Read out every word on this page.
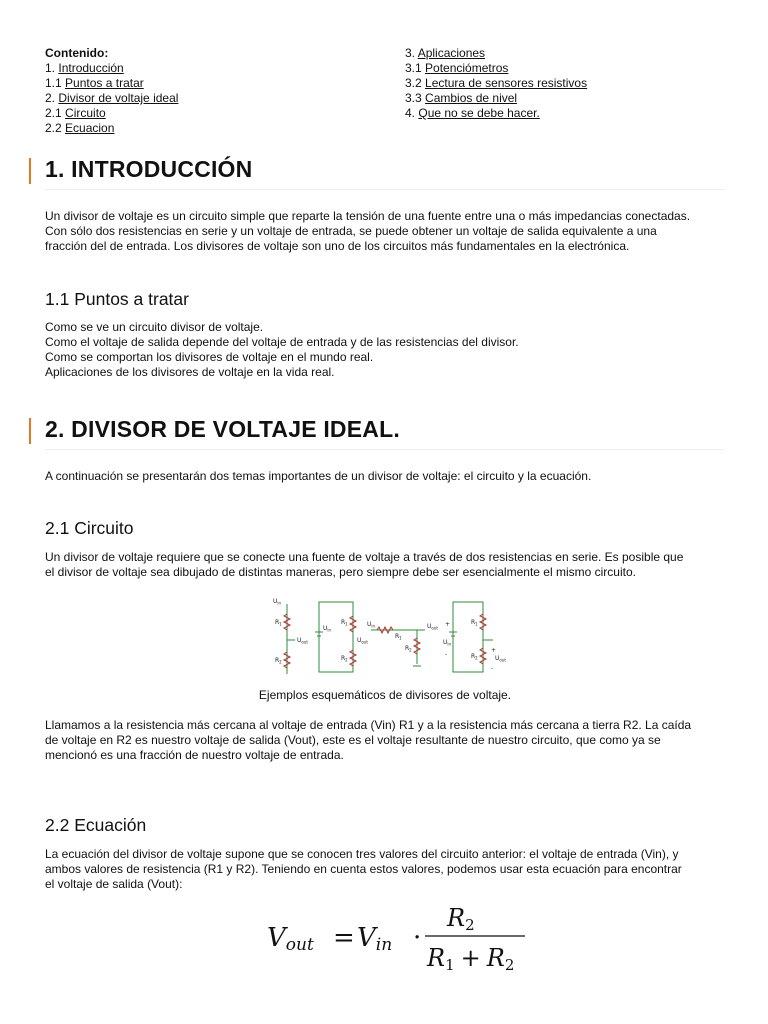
Contenido:
1. Introducción
1.1 Puntos a tratar
2. Divisor de voltaje ideal
2.1 Circuito
2.2 Ecuacion
3. Aplicaciones
3.1 Potenciómetros
3.2 Lectura de sensores resistivos
3.3 Cambios de nivel
4. Que no se debe hacer.
1. INTRODUCCIÓN
Un divisor de voltaje es un circuito simple que reparte la tensión de una fuente entre una o más impedancias conectadas.
Con sólo dos resistencias en serie y un voltaje de entrada, se puede obtener un voltaje de salida equivalente a una
fracción del de entrada. Los divisores de voltaje son uno de los circuitos más fundamentales en la electrónica.
1.1 Puntos a tratar
Como se ve un circuito divisor de voltaje.
Como el voltaje de salida depende del voltaje de entrada y de las resistencias del divisor.
Como se comportan los divisores de voltaje en el mundo real.
Aplicaciones de los divisores de voltaje en la vida real.
2. DIVISOR DE VOLTAJE IDEAL.
A continuación se presentarán dos temas importantes de un divisor de voltaje: el circuito y la ecuación.
2.1 Circuito
Un divisor de voltaje requiere que se conecte una fuente de voltaje a través de dos resistencias en serie. Es posible que
el divisor de voltaje sea dibujado de distintas maneras, pero siempre debe ser esencialmente el mismo circuito.
$U_{in}$
$R_1$
$R_2$
$U_{out}$
$R_1$
$R_2$
$U_{in}$
$U_{out}$
$U_{in}$
$R_1$
$R_2$
$U_{out}$
$U_{in}$
+
-
$R_1$
$R_2$
+
$U_{out}$
-
Ejemplos esquemáticos de divisores de voltaje.
Llamamos a la resistencia más cercana al voltaje de entrada (Vin) R1 y a la resistencia más cercana a tierra R2. La caída
de voltaje en R2 es nuestro voltaje de salida (Vout), este es el voltaje resultante de nuestro circuito, que como ya se
mencionó es una fracción de nuestro voltaje de entrada.
2.2 Ecuación
La ecuación del divisor de voltaje supone que se conocen tres valores del circuito anterior: el voltaje de entrada (Vin), y
ambos valores de resistencia (R1 y R2). Teniendo en cuenta estos valores, podemos usar esta ecuación para encontrar
el voltaje de salida (Vout):
Vout = Vin ·
R2
R1 + R2
